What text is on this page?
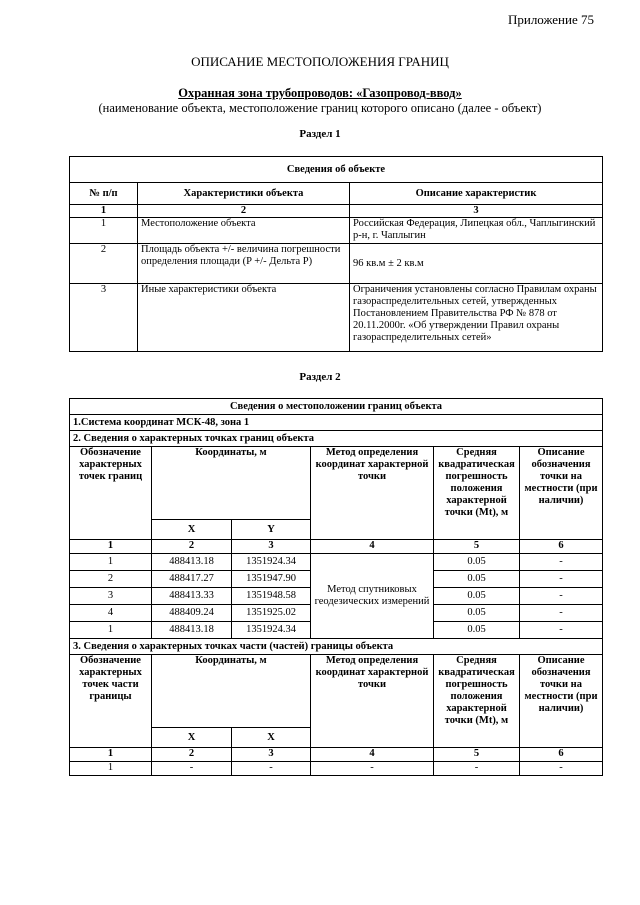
Приложение 75
ОПИСАНИЕ МЕСТОПОЛОЖЕНИЯ ГРАНИЦ
Охранная зона трубопроводов: «Газопровод-ввод»
(наименование объекта, местоположение границ которого описано (далее - объект)
Раздел 1
Сведения об объекте		
№ п/п	Характеристики объекта	Описание характеристик
1	2	3
1	Местоположение объекта	Российская Федерация, Липецкая обл., Чаплыгинский р-н, г. Чаплыгин
2	Площадь объекта +/- величина погрешности определения площади (P +/- Дельта P)	96 кв.м ± 2 кв.м
3	Иные характеристики объекта	Ограничения установлены согласно Правилам охраны газораспределительных сетей, утвержденных Постановлением Правительства РФ № 878 от 20.11.2000г. «Об утверждении Правил охраны газораспределительных сетей»
Раздел 2
Сведения о местоположении границ объекта					
1.Система координат МСК-48, зона 1					
2. Сведения о характерных точках границ объекта					
Обозначение характерных точек границ	Координаты, м		Метод определения координат характерной точки	Средняя квадратическая погрешность положения характерной точки (Mt), м	Описание обозначения точки на местности (при наличии)
	X	Y			
1	2	3	4	5	6
1	488413.18	1351924.34	Метод спутниковых геодезических измерений	0.05	-
2	488417.27	1351947.90		0.05	-
3	488413.33	1351948.58		0.05	-
4	488409.24	1351925.02		0.05	-
1	488413.18	1351924.34		0.05	-
3. Сведения о характерных точках части (частей) границы объекта					
Обозначение характерных точек части границы	Координаты, м		Метод определения координат характерной точки	Средняя квадратическая погрешность положения характерной точки (Mt), м	Описание обозначения точки на местности (при наличии)
	X	X			
1	2	3	4	5	6
1	-	-	-	-	-
